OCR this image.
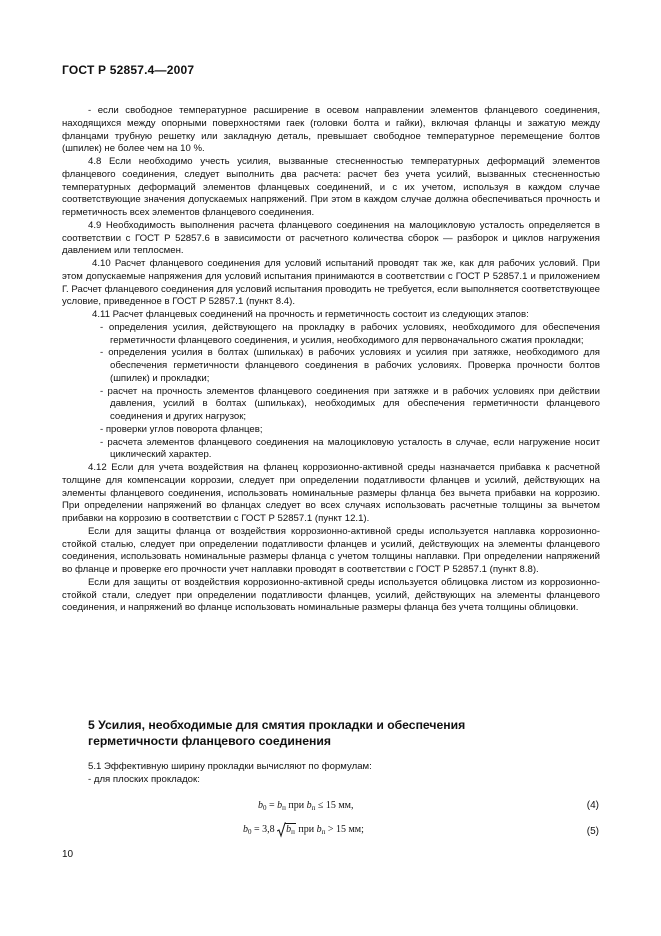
ГОСТ Р 52857.4—2007

- если свободное температурное расширение в осевом направлении элементов фланцевого соединения, находящихся между опорными поверхностями гаек (головки болта и гайки), включая фланцы и зажатую между фланцами трубную решетку или закладную деталь, превышает свободное температурное перемещение болтов (шпилек) не более чем на 10 %.

4.8 Если необходимо учесть усилия, вызванные стесненностью температурных деформаций элементов фланцевого соединения, следует выполнить два расчета: расчет без учета усилий, вызванных стесненностью температурных деформаций элементов фланцевых соединений, и с их учетом, используя в каждом случае соответствующие значения допускаемых напряжений. При этом в каждом случае должна обеспечиваться прочность и герметичность всех элементов фланцевого соединения.

4.9 Необходимость выполнения расчета фланцевого соединения на малоцикловую усталость определяется в соответствии с ГОСТ Р 52857.6 в зависимости от расчетного количества сборок — разборок и циклов нагружения давлением или теплосмен.

4.10 Расчет фланцевого соединения для условий испытаний проводят так же, как для рабочих условий. При этом допускаемые напряжения для условий испытания принимаются в соответствии с ГОСТ Р 52857.1 и приложением Г. Расчет фланцевого соединения для условий испытания проводить не требуется, если выполняется соответствующее условие, приведенное в ГОСТ Р 52857.1 (пункт 8.4).

4.11 Расчет фланцевых соединений на прочность и герметичность состоит из следующих этапов:

- определения усилия, действующего на прокладку в рабочих условиях, необходимого для обеспечения герметичности фланцевого соединения, и усилия, необходимого для первоначального сжатия прокладки;

- определения усилия в болтах (шпильках) в рабочих условиях и усилия при затяжке, необходимого для обеспечения герметичности фланцевого соединения в рабочих условиях. Проверка прочности болтов (шпилек) и прокладки;

- расчет на прочность элементов фланцевого соединения при затяжке и в рабочих условиях при действии давления, усилий в болтах (шпильках), необходимых для обеспечения герметичности фланцевого соединения и других нагрузок;

- проверки углов поворота фланцев;

- расчета элементов фланцевого соединения на малоцикловую усталость в случае, если нагружение носит циклический характер.

4.12 Если для учета воздействия на фланец коррозионно-активной среды назначается прибавка к расчетной толщине для компенсации коррозии, следует при определении податливости фланцев и усилий, действующих на элементы фланцевого соединения, использовать номинальные размеры фланца без вычета прибавки на коррозию. При определении напряжений во фланцах следует во всех случаях использовать расчетные толщины за вычетом прибавки на коррозию в соответствии с ГОСТ Р 52857.1 (пункт 12.1).

Если для защиты фланца от воздействия коррозионно-активной среды используется наплавка коррозионно-стойкой сталью, следует при определении податливости фланцев и усилий, действующих на элементы фланцевого соединения, использовать номинальные размеры фланца с учетом толщины наплавки. При определении напряжений во фланце и проверке его прочности учет наплавки проводят в соответствии с ГОСТ Р 52857.1 (пункт 8.8).

Если для защиты от воздействия коррозионно-активной среды используется облицовка листом из коррозионно-стойкой стали, следует при определении податливости фланцев, усилий, действующих на элементы фланцевого соединения, и напряжений во фланце использовать номинальные размеры фланца без учета толщины облицовки.

5 Усилия, необходимые для смятия прокладки и обеспечения
герметичности фланцевого соединения
5.1 Эффективную ширину прокладки вычисляют по формулам:
- для плоских прокладок:
$b_0 = b_п$ при $b_п \le 15$ мм,	(4)
$b_0 = 3,8$
$b_п$ при $b_п > 15$ мм;	(5)
10
